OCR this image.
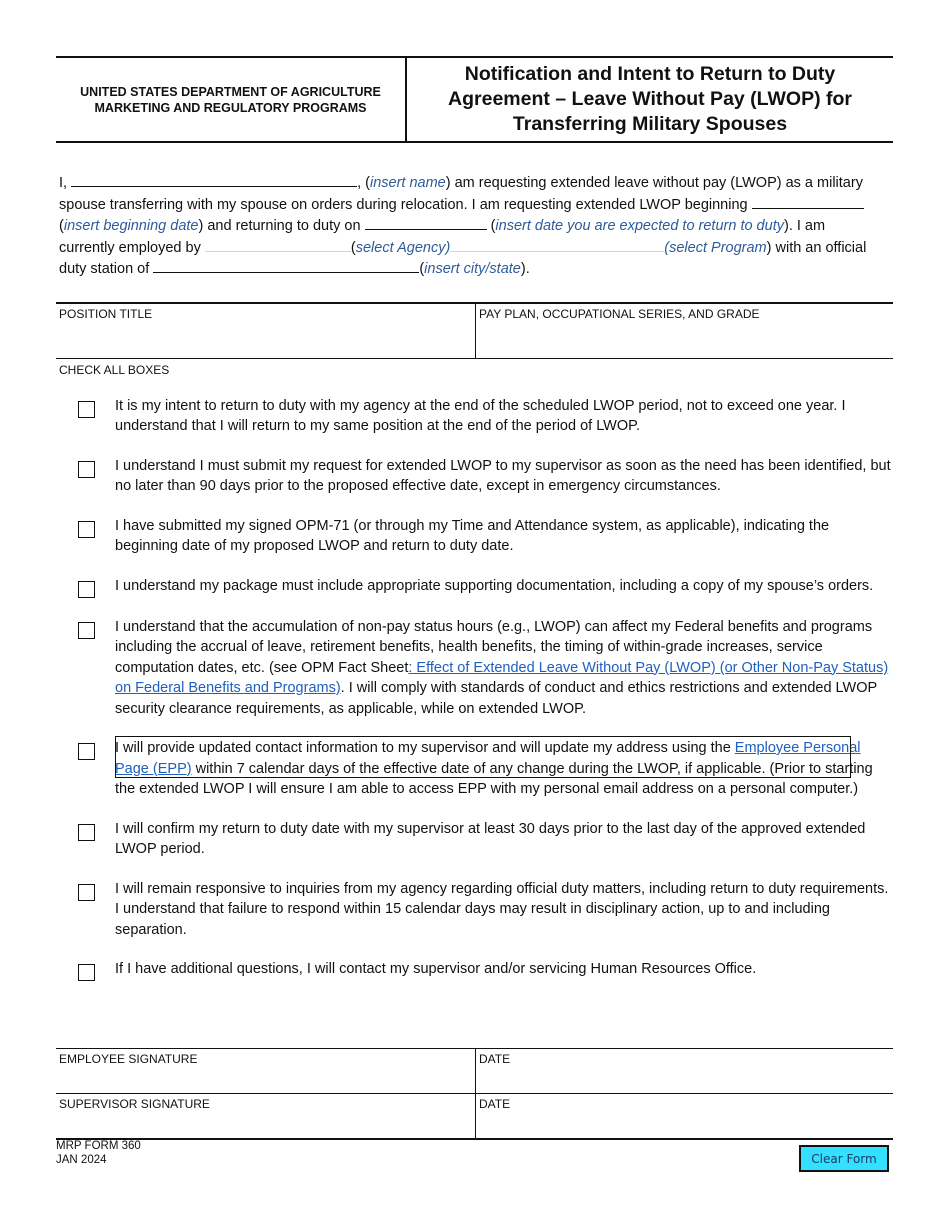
UNITED STATES DEPARTMENT OF AGRICULTURE
MARKETING AND REGULATORY PROGRAMS
Notification and Intent to Return to Duty Agreement – Leave Without Pay (LWOP) for Transferring Military Spouses
I,	, (insert name) am requesting extended leave without pay (LWOP) as a military spouse transferring with my spouse on orders during relocation. I am requesting extended LWOP beginning  (insert beginning date) and returning to duty on	(insert date you are expected to return to duty). I am currently employed by	(select Agency)	(select Program) with an official duty station of	(insert city/state).
POSITION TITLE	PAY PLAN, OCCUPATIONAL SERIES, AND GRADE
CHECK ALL BOXES
It is my intent to return to duty with my agency at the end of the scheduled LWOP period, not to exceed one year. I understand that I will return to my same position at the end of the period of LWOP.
I understand I must submit my request for extended LWOP to my supervisor as soon as the need has been identified, but no later than 90 days prior to the proposed effective date, except in emergency circumstances.
I have submitted my signed OPM-71 (or through my Time and Attendance system, as applicable), indicating the beginning date of my proposed LWOP and return to duty date.
I understand my package must include appropriate supporting documentation, including a copy of my spouse’s orders.
I understand that the accumulation of non-pay status hours (e.g., LWOP) can affect my Federal benefits and programs including the accrual of leave, retirement benefits, health benefits, the timing of within-grade increases, service computation dates, etc. (see OPM Fact Sheet: Effect of Extended Leave Without Pay (LWOP) (or Other Non-Pay Status) on Federal Benefits and Programs). I will comply with standards of conduct and ethics restrictions and extended LWOP security clearance requirements, as applicable, while on extended LWOP.
I will provide updated contact information to my supervisor and will update my address using the Employee Personal Page (EPP) within 7 calendar days of the effective date of any change during the LWOP, if applicable. (Prior to starting the extended LWOP I will ensure I am able to access EPP with my personal email address on a personal computer.)
I will confirm my return to duty date with my supervisor at least 30 days prior to the last day of the approved extended LWOP period.
I will remain responsive to inquiries from my agency regarding official duty matters, including return to duty requirements. I understand that failure to respond within 15 calendar days may result in disciplinary action, up to and including separation.
If I have additional questions, I will contact my supervisor and/or servicing Human Resources Office.
EMPLOYEE SIGNATURE	DATE
SUPERVISOR SIGNATURE	DATE
MRP FORM 360
JAN 2024	Clear Form
